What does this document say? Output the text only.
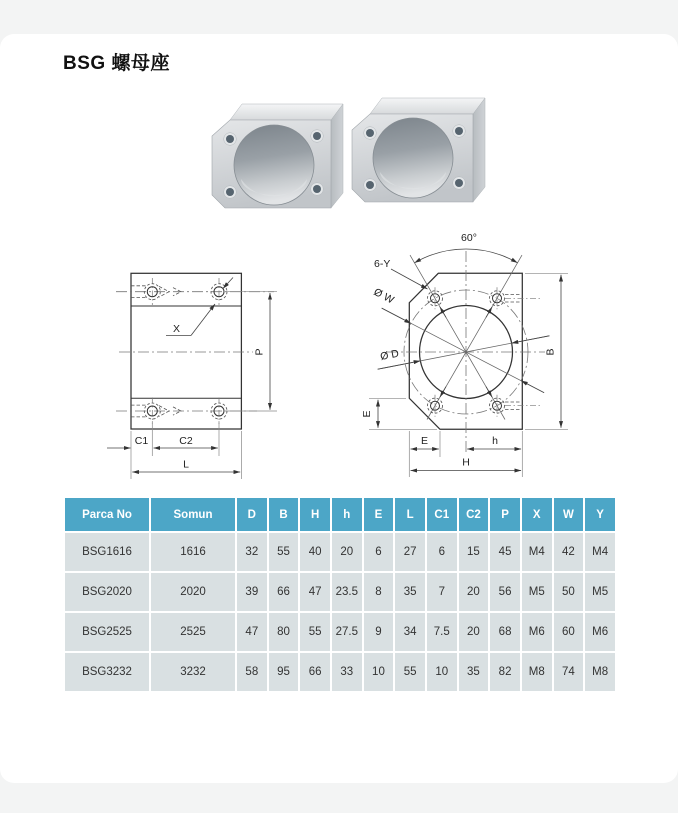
BSG 螺母座
X
P
C1	C2
L
60°
6-Y
Ø W
Ø D	B
E
E	h
H
Parca No	Somun	D	B	H	h	E	L	C1	C2	P	X	W	Y
BSG1616	1616	32	55	40	20	6	27	6	15	45	M4	42	M4
BSG2020	2020	39	66	47	23.5	8	35	7	20	56	M5	50	M5
BSG2525	2525	47	80	55	27.5	9	34	7.5	20	68	M6	60	M6
BSG3232	3232	58	95	66	33	10	55	10	35	82	M8	74	M8
